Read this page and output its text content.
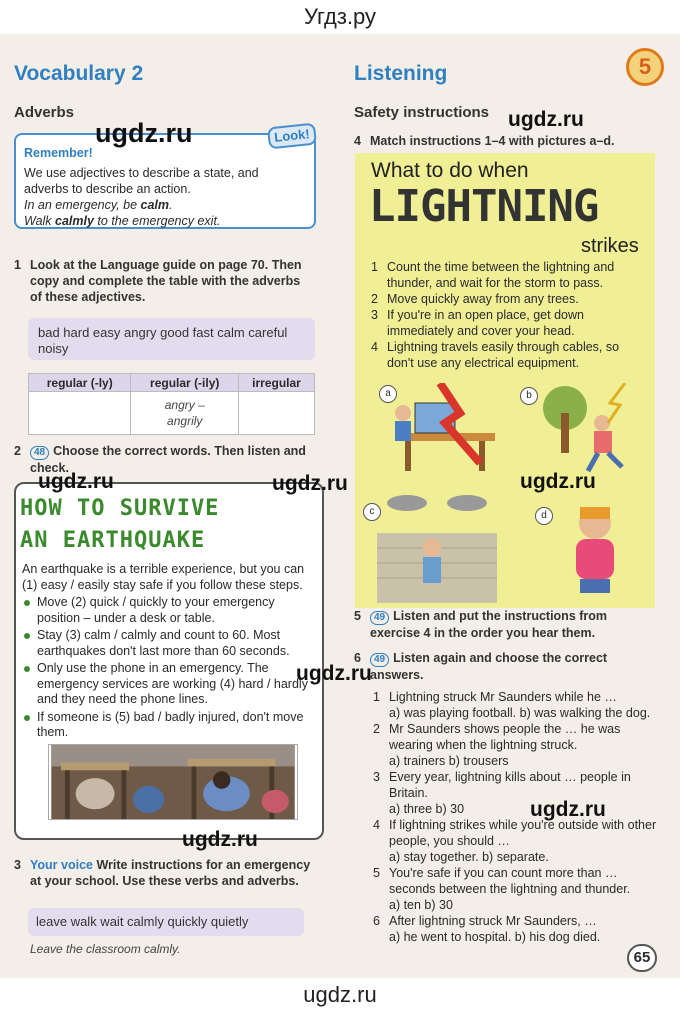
Угдз.ру
Vocabulary 2
Adverbs
Remember!
We use adjectives to describe a state, and
adverbs to describe an action.
In an emergency, be calm.
Walk calmly to the emergency exit.
Look!
1 Look at the Language guide on page 70. Then copy and complete the table with the adverbs of these adjectives.
bad hard easy angry good fast calm careful noisy
regular (-ly)	regular (-ily)	irregular
	angry –
angrily	
2	48 Choose the correct words. Then listen and check.
HOW TO SURVIVE
AN EARTHQUAKE
An earthquake is a terrible experience, but you can (1) easy / easily stay safe if you follow these steps.
Move (2) quick / quickly to your emergency position – under a desk or table.
Stay (3) calm / calmly and count to 60. Most earthquakes don't last more than 60 seconds.
Only use the phone in an emergency. The emergency services are working (4) hard / hardly and they need the phone lines.
If someone is (5) bad / badly injured, don't move them.
3 Your voice Write instructions for an emergency at your school. Use these verbs and adverbs.
leave walk wait calmly quickly quietly
Leave the classroom calmly.
Listening	5
Safety instructions
4 Match instructions 1–4 with pictures a–d.
What to do when
LIGHTNING
strikes
1 Count the time between the lightning and thunder, and wait for the storm to pass.
2 Move quickly away from any trees.
3 If you're in an open place, get down immediately and cover your head.
4 Lightning travels easily through cables, so don't use any electrical equipment.
a	b
c	d
5	49 Listen and put the instructions from exercise 4 in the order you hear them.
6	49 Listen again and choose the correct answers.
1 Lightning struck Mr Saunders while he …
a) was playing football. b) was walking the dog.
2 Mr Saunders shows people the … he was wearing when the lightning struck.
a) trainers b) trousers
3 Every year, lightning kills about … people in Britain.
a) three b) 30
4 If lightning strikes while you're outside with other people, you should …
a) stay together. b) separate.
5 You're safe if you can count more than … seconds between the lightning and thunder.
a) ten b) 30
6 After lightning struck Mr Saunders, …
a) he went to hospital. b) his dog died.
65
ugdz.ru	ugdz.ru
ugdz.ru	ugdz.ru	ugdz.ru
ugdz.ru
ugdz.ru
ugdz.ru
ugdz.ru
